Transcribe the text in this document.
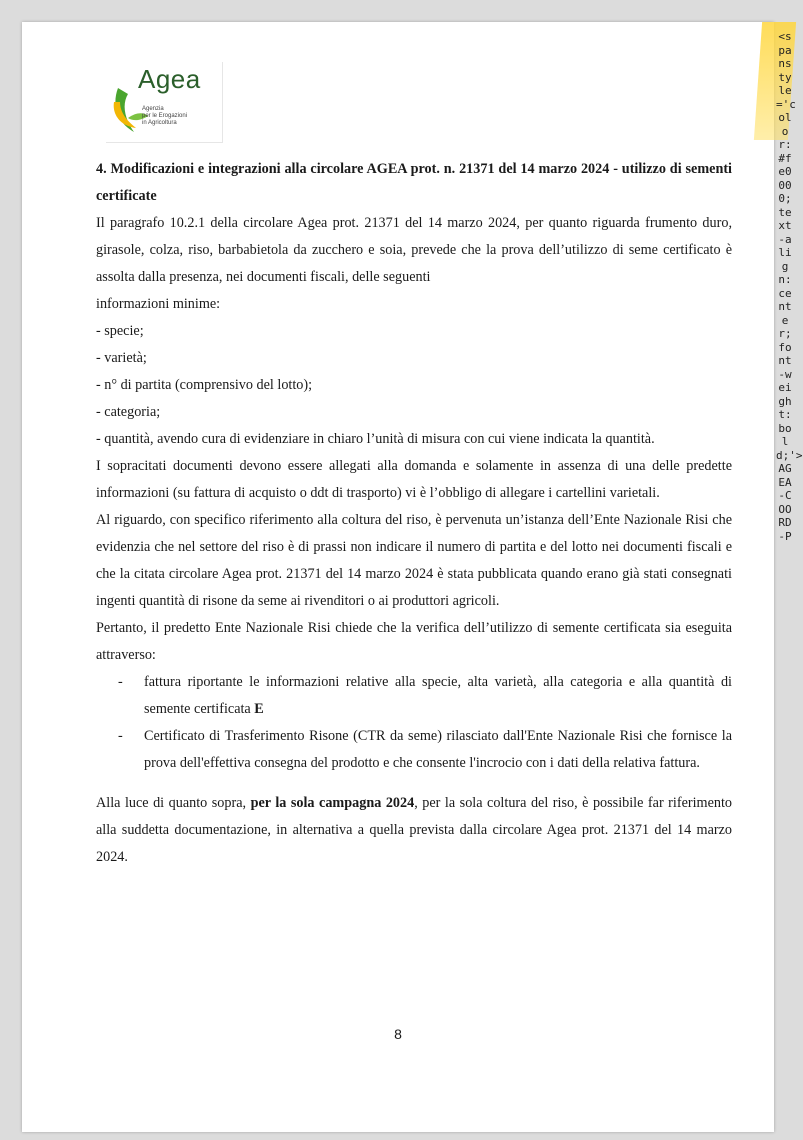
Agea
Agenzia
per le Erogazioni
in Agricoltura

4. Modificazioni e integrazioni alla circolare AGEA prot. n. 21371 del 14 marzo 2024 - utilizzo di sementi certificate

Il paragrafo 10.2.1 della circolare Agea prot. 21371 del 14 marzo 2024, per quanto riguarda frumento duro, girasole, colza, riso, barbabietola da zucchero e soia, prevede che la prova dell’utilizzo di seme certificato è assolta dalla presenza, nei documenti fiscali, delle seguenti

informazioni minime:

- specie;

- varietà;

- n° di partita (comprensivo del lotto);

- categoria;

- quantità, avendo cura di evidenziare in chiaro l’unità di misura con cui viene indicata la quantità.

I sopracitati documenti devono essere allegati alla domanda e solamente in assenza di una delle predette informazioni (su fattura di acquisto o ddt di trasporto) vi è l’obbligo di allegare i cartellini varietali.

Al riguardo, con specifico riferimento alla coltura del riso, è pervenuta un’istanza dell’Ente Nazionale Risi che evidenzia che nel settore del riso è di prassi non indicare il numero di partita e del lotto nei documenti fiscali e che la citata circolare Agea prot. 21371 del 14 marzo 2024 è stata pubblicata quando erano già stati consegnati ingenti quantità di risone da seme ai rivenditori o ai produttori agricoli.

Pertanto, il predetto Ente Nazionale Risi chiede che la verifica dell’utilizzo di semente certificata sia eseguita attraverso:

- fattura riportante le informazioni relative alla specie, alta varietà, alla categoria e alla quantità di semente certificata E
- Certificato di Trasferimento Risone (CTR da seme) rilasciato dall'Ente Nazionale Risi che fornisce la prova dell'effettiva consegna del prodotto e che consente l'incrocio con i dati della relativa fattura.

Alla luce di quanto sopra, per la sola campagna 2024, per la sola coltura del riso, è possibile far riferimento alla suddetta documentazione, in alternativa a quella prevista dalla circolare Agea prot. 21371 del 14 marzo 2024.

8
<spanstyle='color:#fe0000;text-align:center;font-weight:bold;'>AGEA-COORD-P
